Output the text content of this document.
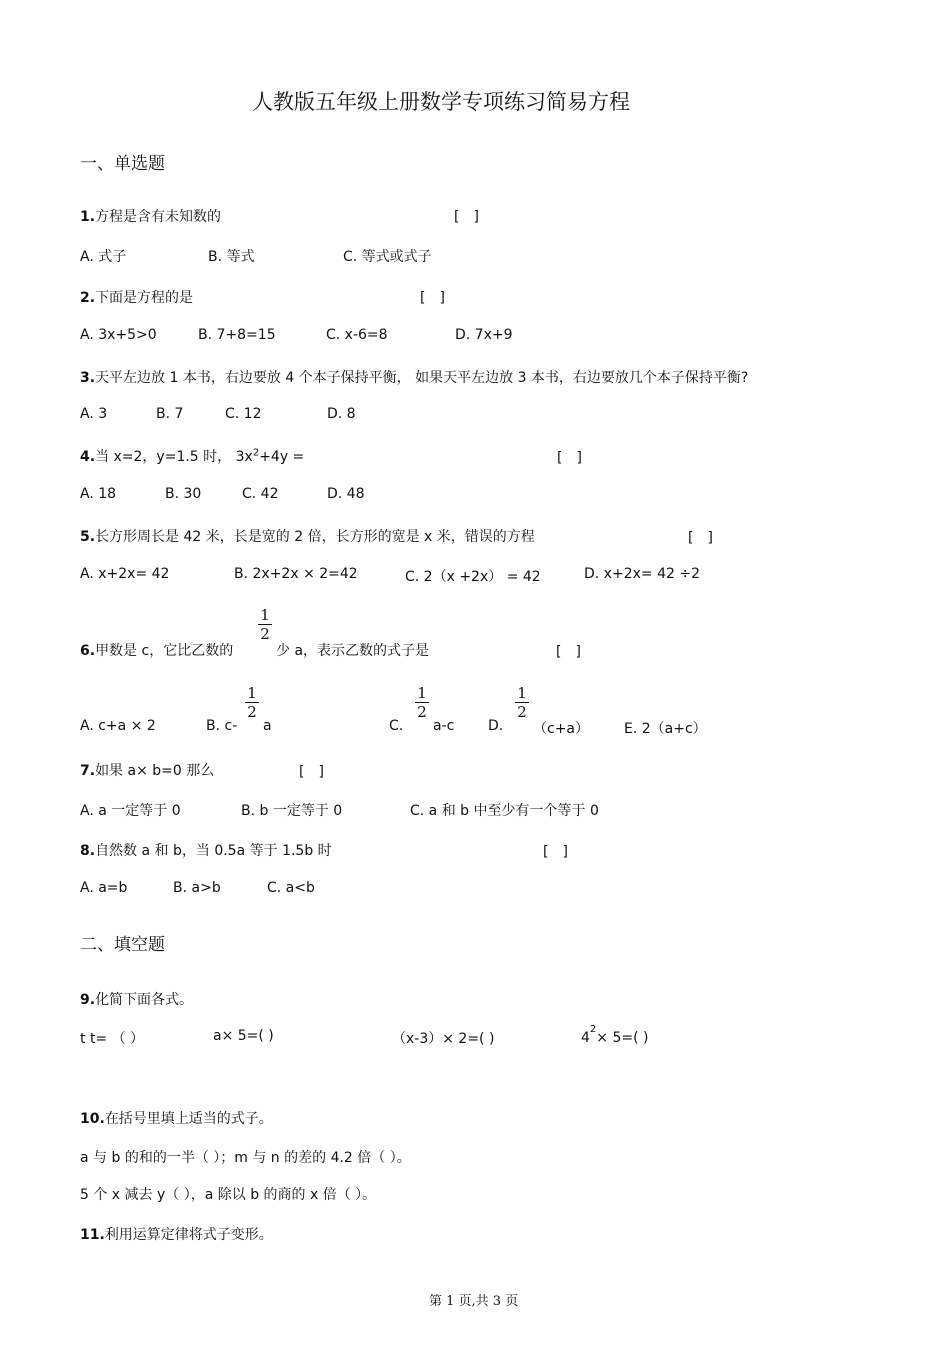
人教版五年级上册数学专项练习简易方程
一、单选题
1.方程是含有未知数的	[　]
A. 式子	B. 等式	C. 等式或式子
2.下面是方程的是	[　]
A. 3x+5>0	B. 7+8=15	C. x-6=8	D. 7x+9
3.天平左边放 1 本书，右边要放 4 个本子保持平衡， 如果天平左边放 3 本书，右边要放几个本子保持平衡?
A. 3	B. 7	C. 12	D. 8
4.当 x=2，y=1.5 时， $3x^2+4y$ =	[　]
A. 18	B. 30	C. 42	D. 48
5.长方形周长是 42 米，长是宽的 2 倍，长方形的宽是 x 米，错误的方程	[　]
A. x+2x= 42	B. 2x+2x × 2=42	C. 2（x +2x） = 42	D. x+2x= 42 ÷2
6.甲数是 c，它比乙数的
1
2
少 a，表示乙数的式子是	[　]
A. c+a × 2	B. c-
1
2
a	C.
1
2
a-c D.
1
2
（c+a） E. 2（a+c）
7.如果 a× b=0 那么	[　]
A. a 一定等于 0	B. b 一定等于 0	C. a 和 b 中至少有一个等于 0
8.自然数 a 和 b，当 0.5a 等于 1.5b 时	[　]
A. a=b	B. a>b	C. a<b
二、填空题
9.化简下面各式。
t t= （ ）	a× 5=( )	（x-3）× 2=( )	$4^2\times 5=$( )
10.在括号里填上适当的式子。
a 与 b 的和的一半（ ）；m 与 n 的差的 4.2 倍（ ）。
5 个 x 减去 y（ ），a 除以 b 的商的 x 倍（ ）。
11.利用运算定律将式子变形。
第 1 页,共 3 页
